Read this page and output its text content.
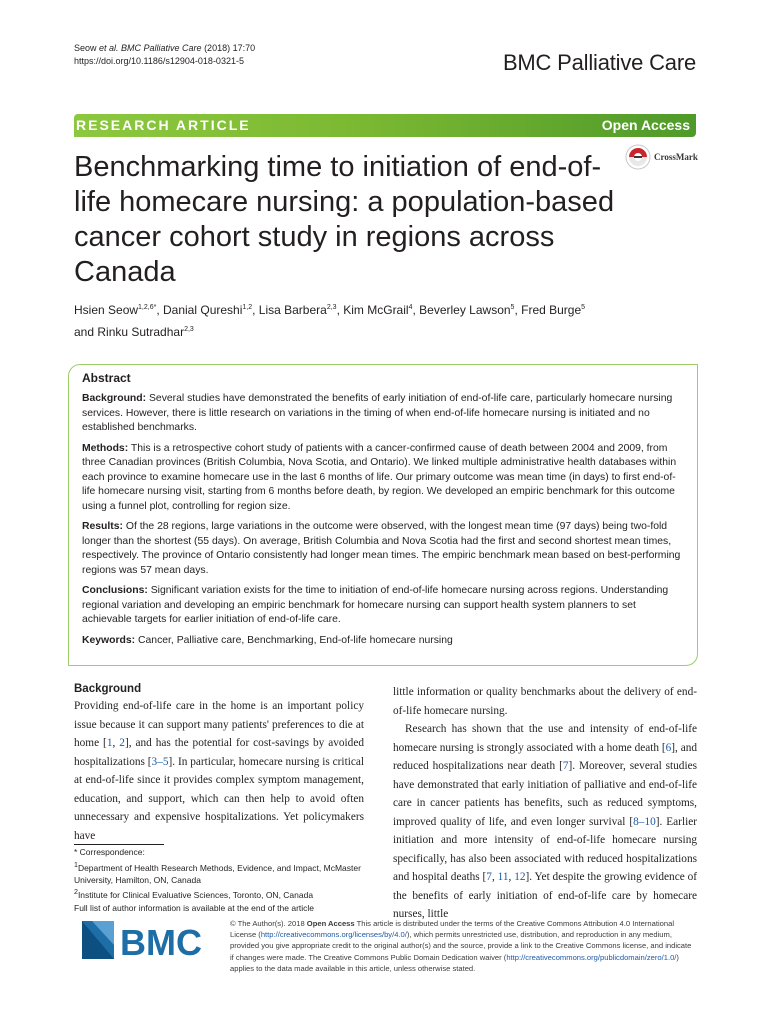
Seow et al. BMC Palliative Care (2018) 17:70
https://doi.org/10.1186/s12904-018-0321-5	BMC Palliative Care
RESEARCH ARTICLE	Open Access
Benchmarking time to initiation of end-of-life homecare nursing: a population-based cancer cohort study in regions across Canada
CrossMark
Hsien Seow$^{1,2,6*}$, Danial Qureshi$^{1,2}$, Lisa Barbera$^{2,3}$, Kim McGrail$^4$, Beverley Lawson$^5$, Fred Burge$^5$
and Rinku Sutradhar$^{2,3}$
Abstract

Background: Several studies have demonstrated the benefits of early initiation of end-of-life care, particularly homecare nursing services. However, there is little research on variations in the timing of when end-of-life homecare nursing is initiated and no established benchmarks.

Methods: This is a retrospective cohort study of patients with a cancer-confirmed cause of death between 2004 and 2009, from three Canadian provinces (British Columbia, Nova Scotia, and Ontario). We linked multiple administrative health databases within each province to examine homecare use in the last 6 months of life. Our primary outcome was mean time (in days) to first end-of-life homecare nursing visit, starting from 6 months before death, by region. We developed an empiric benchmark for this outcome using a funnel plot, controlling for region size.

Results: Of the 28 regions, large variations in the outcome were observed, with the longest mean time (97 days) being two-fold longer than the shortest (55 days). On average, British Columbia and Nova Scotia had the first and second shortest mean times, respectively. The province of Ontario consistently had longer mean times. The empiric benchmark mean based on best-performing regions was 57 mean days.

Conclusions: Significant variation exists for the time to initiation of end-of-life homecare nursing across regions. Understanding regional variation and developing an empiric benchmark for homecare nursing can support health system planners to set achievable targets for earlier initiation of end-of-life care.

Keywords: Cancer, Palliative care, Benchmarking, End-of-life homecare nursing

Background

Providing end-of-life care in the home is an important policy issue because it can support many patients' preferences to die at home [1, 2], and has the potential for cost-savings by avoided hospitalizations [3–5]. In particular, homecare nursing is critical at end-of-life since it provides complex symptom management, education, and support, which can then help to avoid often unnecessary and expensive hospitalizations. Yet policymakers have

little information or quality benchmarks about the delivery of end-of-life homecare nursing.

Research has shown that the use and intensity of end-of-life homecare nursing is strongly associated with a home death [6], and reduced hospitalizations near death [7]. Moreover, several studies have demonstrated that early initiation of palliative and end-of-life care in cancer patients has benefits, such as reduced symptoms, improved quality of life, and even longer survival [8–10]. Earlier initiation and more intensity of end-of-life homecare nursing specifically, has also been associated with reduced hospitalizations and hospital deaths [7, 11, 12]. Yet despite the growing evidence of the benefits of early initiation of end-of-life care by homecare nurses, little

* Correspondence:
$^1$Department of Health Research Methods, Evidence, and Impact, McMaster University, Hamilton, ON, Canada
$^2$Institute for Clinical Evaluative Sciences, Toronto, ON, Canada
Full list of author information is available at the end of the article
BMC	© The Author(s). 2018 Open Access This article is distributed under the terms of the Creative Commons Attribution 4.0 International License (http://creativecommons.org/licenses/by/4.0/), which permits unrestricted use, distribution, and reproduction in any medium, provided you give appropriate credit to the original author(s) and the source, provide a link to the Creative Commons license, and indicate if changes were made. The Creative Commons Public Domain Dedication waiver (http://creativecommons.org/publicdomain/zero/1.0/) applies to the data made available in this article, unless otherwise stated.
